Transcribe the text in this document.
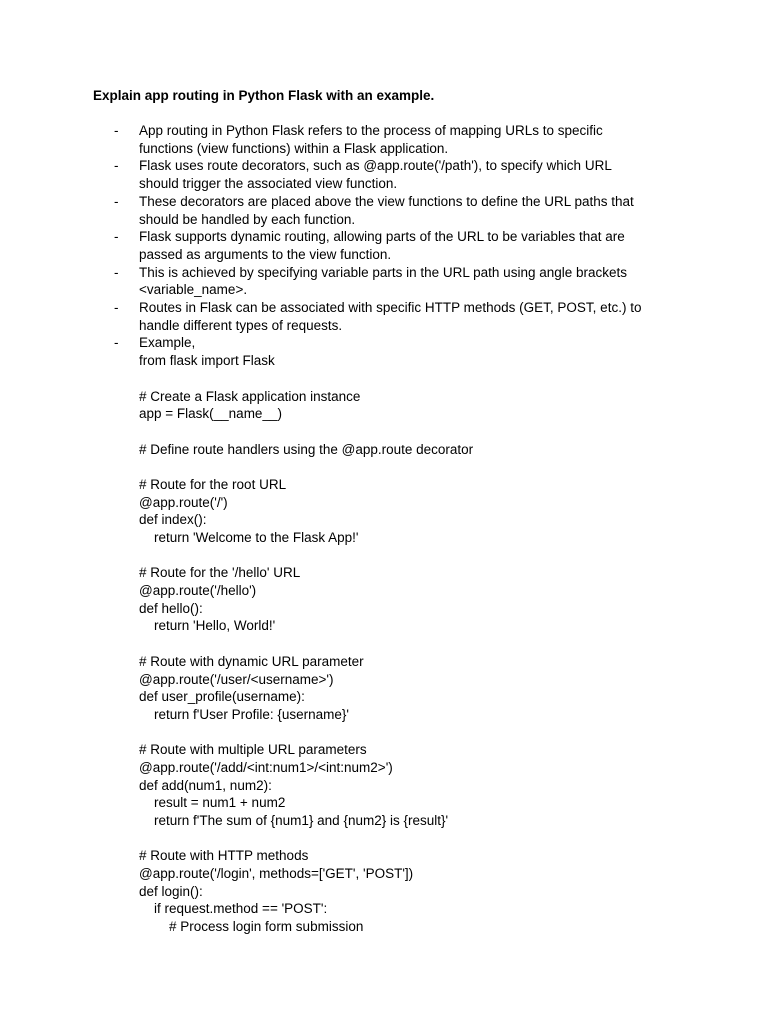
Explain app routing in Python Flask with an example.
- App routing in Python Flask refers to the process of mapping URLs to specific
functions (view functions) within a Flask application.
- Flask uses route decorators, such as @app.route('/path'), to specify which URL
should trigger the associated view function.
- These decorators are placed above the view functions to define the URL paths that
should be handled by each function.
- Flask supports dynamic routing, allowing parts of the URL to be variables that are
passed as arguments to the view function.
- This is achieved by specifying variable parts in the URL path using angle brackets
<variable_name>.
- Routes in Flask can be associated with specific HTTP methods (GET, POST, etc.) to
handle different types of requests.
- Example,
from flask import Flask
# Create a Flask application instance
app = Flask(__name__)
# Define route handlers using the @app.route decorator
# Route for the root URL
@app.route('/')
def index():
return 'Welcome to the Flask App!'
# Route for the '/hello' URL
@app.route('/hello')
def hello():
return 'Hello, World!'
# Route with dynamic URL parameter
@app.route('/user/<username>')
def user_profile(username):
return f'User Profile: {username}'
# Route with multiple URL parameters
@app.route('/add/<int:num1>/<int:num2>')
def add(num1, num2):
result = num1 + num2
return f'The sum of {num1} and {num2} is {result}'
# Route with HTTP methods
@app.route('/login', methods=['GET', 'POST'])
def login():
if request.method == 'POST':
# Process login form submission
